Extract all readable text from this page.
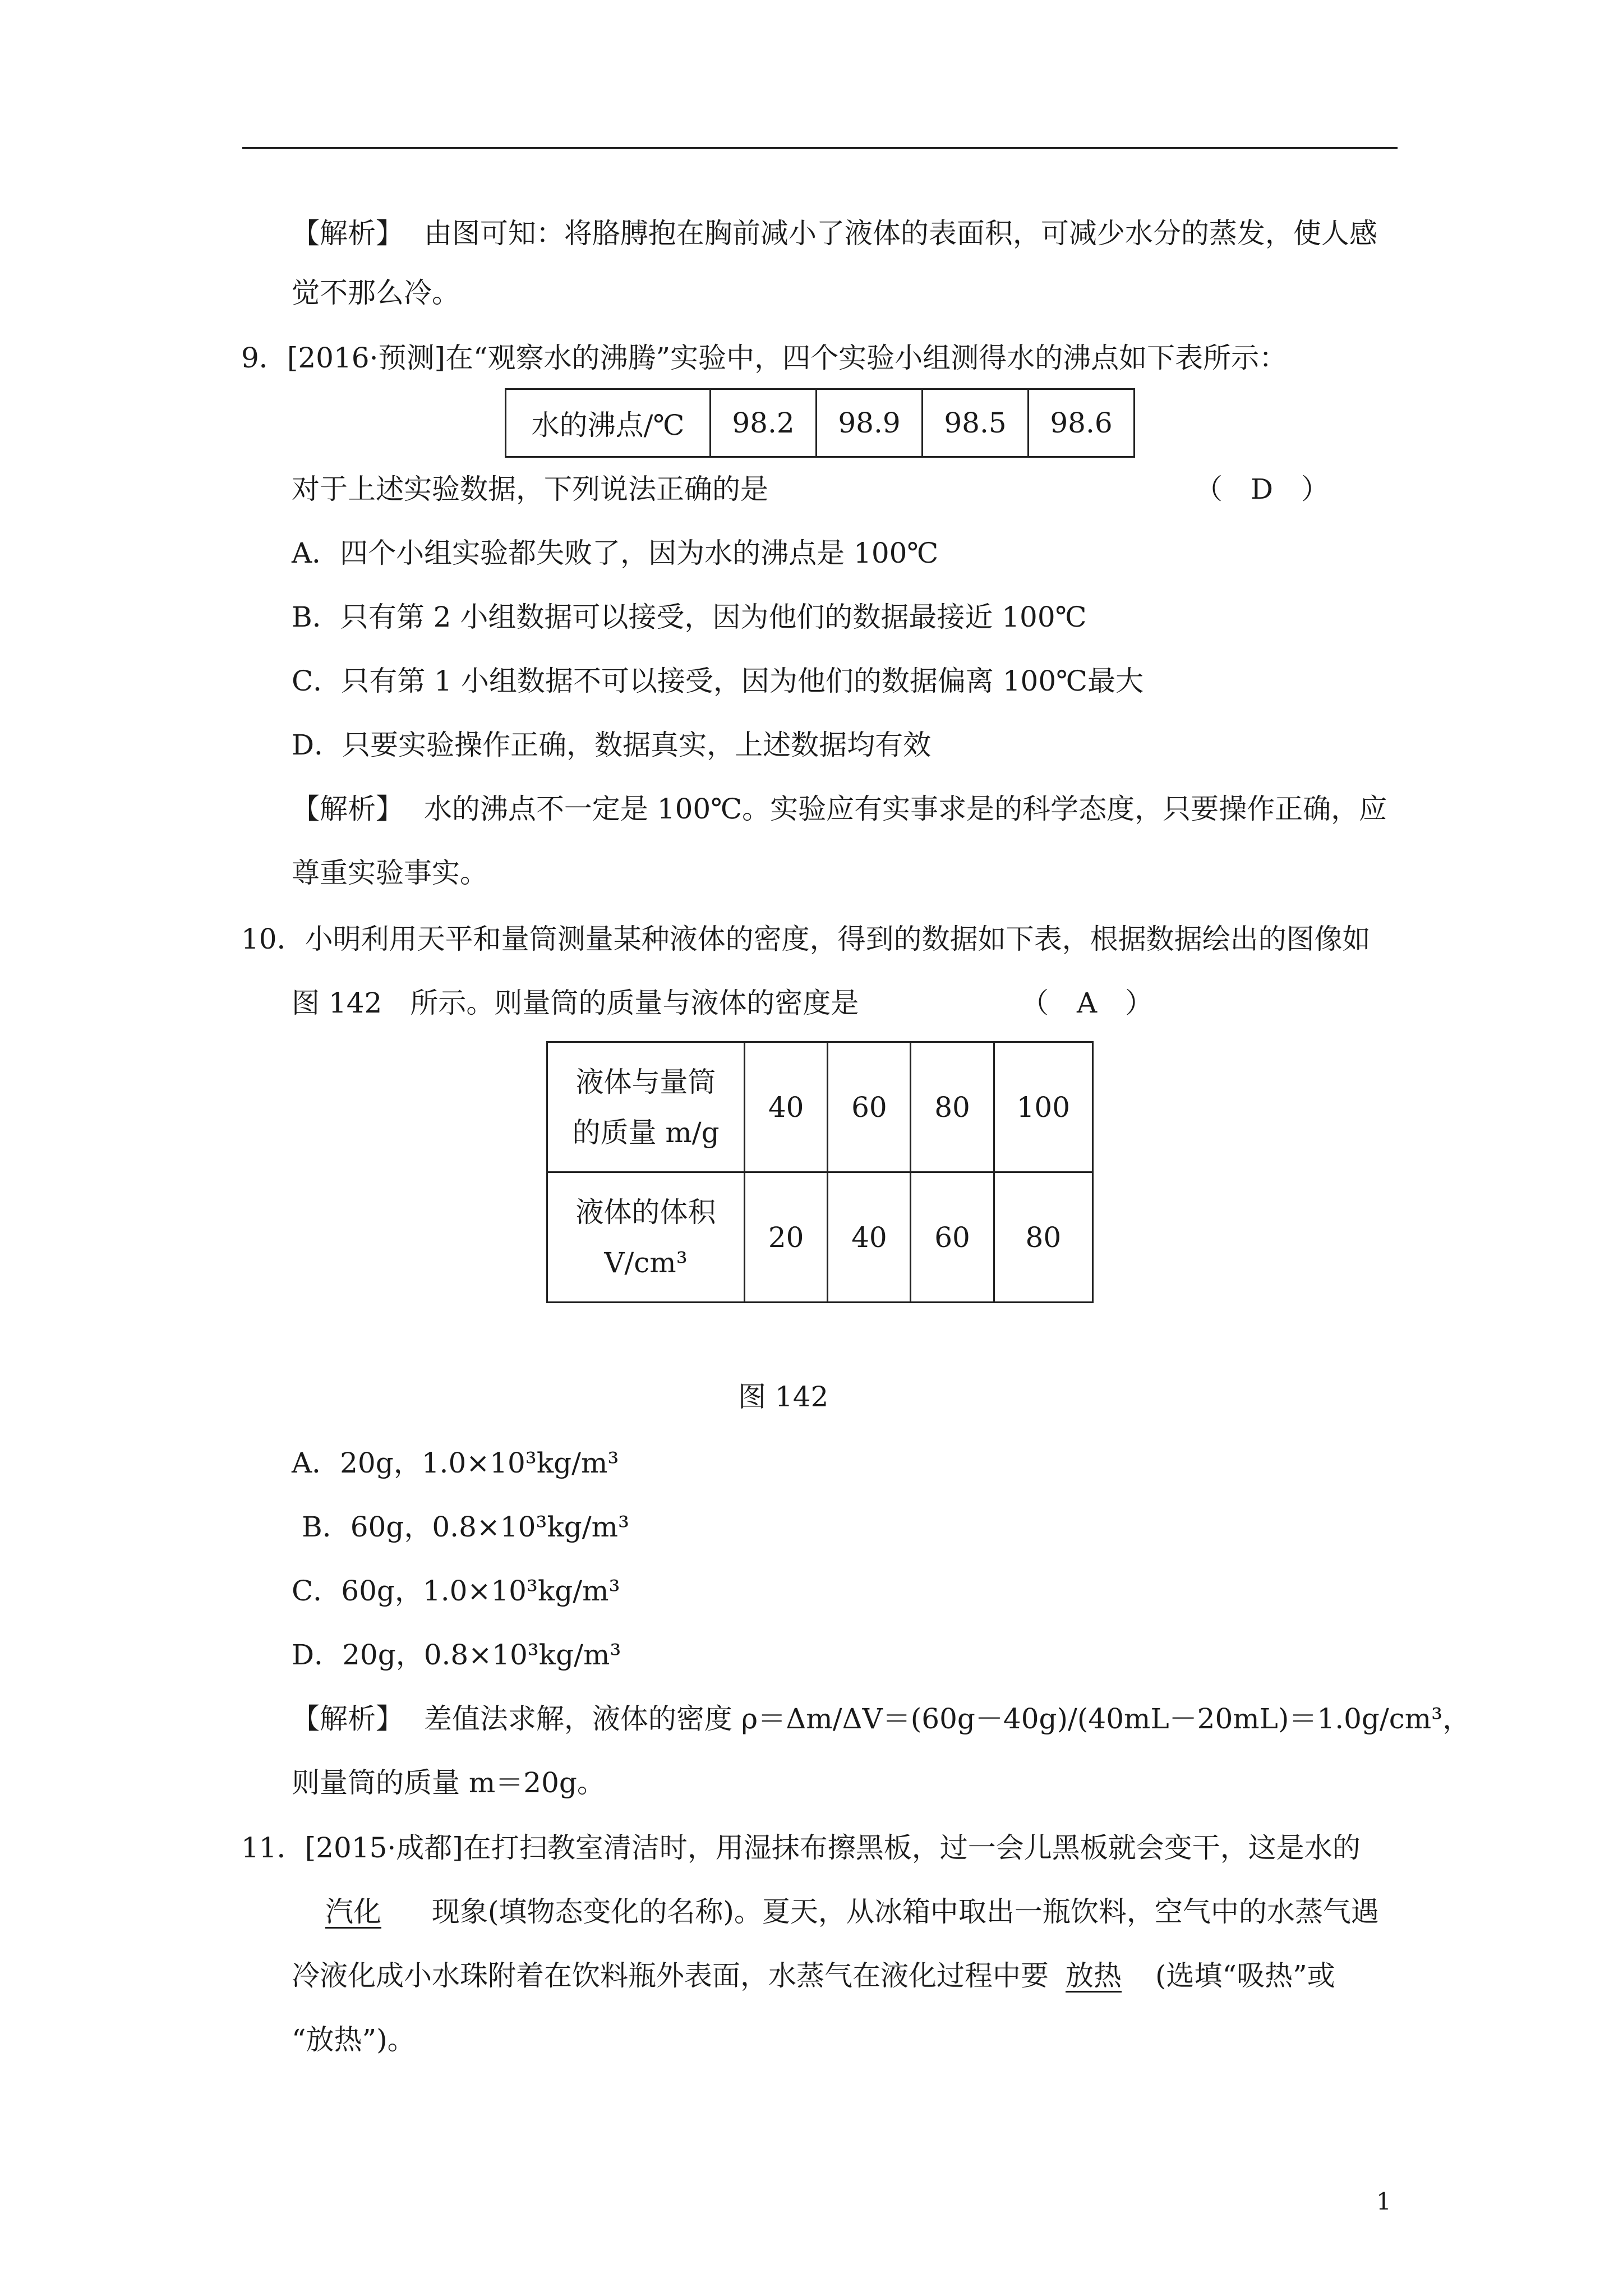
【解析】 由图可知：将胳膊抱在胸前减小了液体的表面积，可减少水分的蒸发，使人感
觉不那么冷。
9．[2016·预测]在“观察水的沸腾”实验中，四个实验小组测得水的沸点如下表所示：
水的沸点/℃	98.2	98.9	98.5	98.6
对于上述实验数据，下列说法正确的是	（　D　）
A．四个小组实验都失败了，因为水的沸点是 100℃
B．只有第 2 小组数据可以接受，因为他们的数据最接近 100℃
C．只有第 1 小组数据不可以接受，因为他们的数据偏离 100℃最大
D．只要实验操作正确，数据真实，上述数据均有效
【解析】 水的沸点不一定是 100℃。实验应有实事求是的科学态度，只要操作正确，应
尊重实验事实。
10．小明利用天平和量筒测量某种液体的密度，得到的数据如下表，根据数据绘出的图像如
图 142　所示。则量筒的质量与液体的密度是	（　A　）
液体与量筒
的质量 m/g	40	60	80	100

液体的体积
V/cm³	20	40	60	80
图 142
A．20g，1.0×10³kg/m³
B．60g，0.8×10³kg/m³
C．60g，1.0×10³kg/m³
D．20g，0.8×10³kg/m³
【解析】 差值法求解，液体的密度 ρ＝Δm/ΔV＝(60g－40g)/(40mL－20mL)＝1.0g/cm³，
则量筒的质量 m＝20g。
11．[2015·成都]在打扫教室清洁时，用湿抹布擦黑板，过一会儿黑板就会变干，这是水的
汽化 现象(填物态变化的名称)。夏天，从冰箱中取出一瓶饮料，空气中的水蒸气遇
冷液化成小水珠附着在饮料瓶外表面，水蒸气在液化过程中要 放热 (选填“吸热”或
“放热”)。
1
